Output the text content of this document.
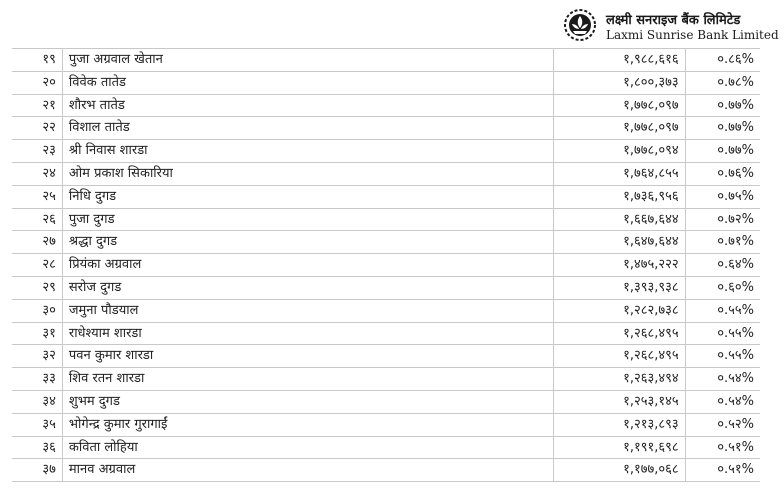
लक्ष्मी सनराइज बैंक लिमिटेड
Laxmi Sunrise Bank Limited
१९	पुजा अग्रवाल खेतान	१,९८८,६१६	०.८६%
२०	विवेक तातेड	१,८००,३७३	०.७८%
२१	शौरभ तातेड	१,७७८,०९७	०.७७%
२२	विशाल तातेड	१,७७८,०९७	०.७७%
२३	श्री निवास शारडा	१,७७८,०९४	०.७७%
२४	ओम प्रकाश सिकारिया	१,७६४,८५५	०.७६%
२५	निधि दुगड	१,७३६,९५६	०.७५%
२६	पुजा दुगड	१,६६७,६४४	०.७२%
२७	श्रद्धा दुगड	१,६४७,६४४	०.७१%
२८	प्रियंका अग्रवाल	१,४७५,२२२	०.६४%
२९	सरोज दुगड	१,३९३,९३८	०.६०%
३०	जमुना पौडयाल	१,२८२,७३८	०.५५%
३१	राधेश्याम शारडा	१,२६८,४९५	०.५५%
३२	पवन कुमार शारडा	१,२६८,४९५	०.५५%
३३	शिव रतन शारडा	१,२६३,४९४	०.५४%
३४	शुभम दुगड	१,२५३,१४५	०.५४%
३५	भोगेन्द्र कुमार गुरागाईं	१,२१३,८९३	०.५२%
३६	कविता लोहिया	१,१९१,६९८	०.५१%
३७	मानव अग्रवाल	१,१७७,०६८	०.५१%
